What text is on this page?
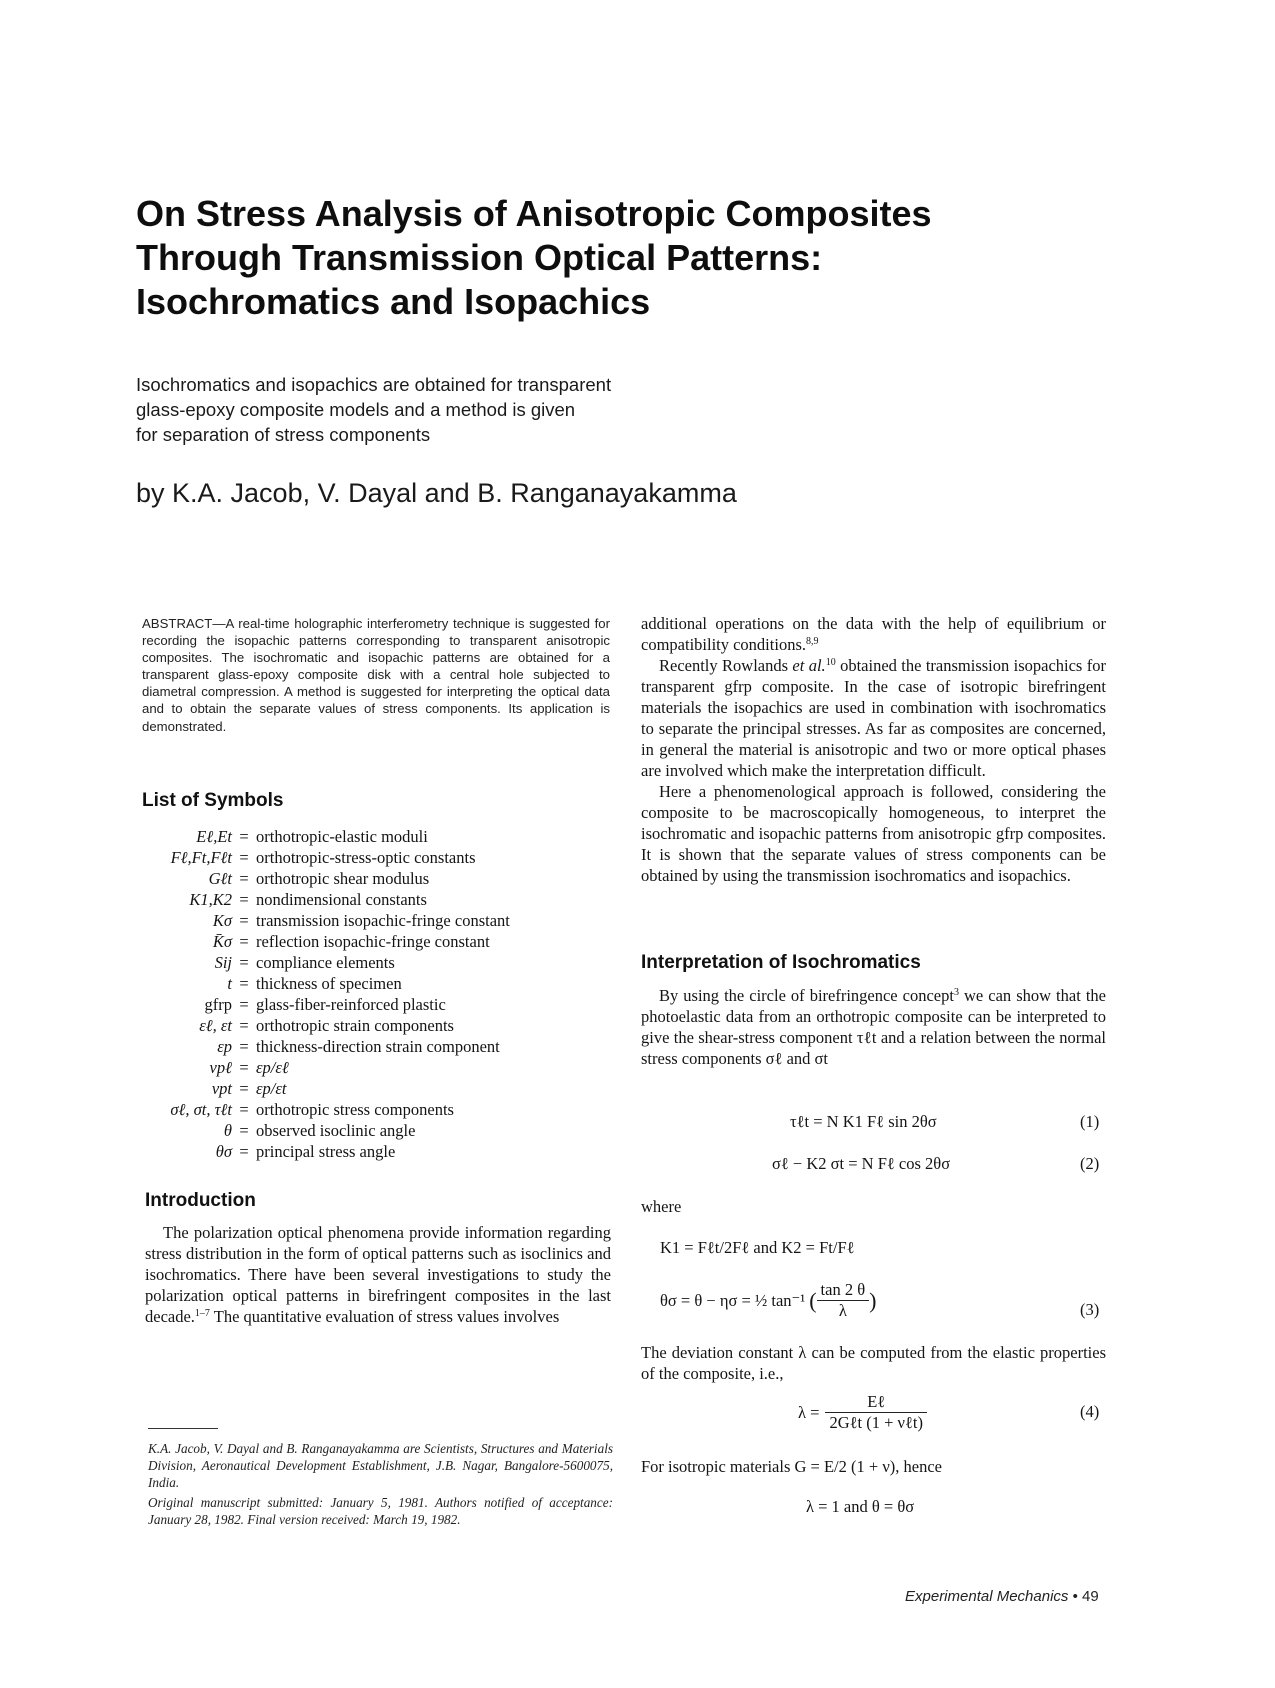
On Stress Analysis of Anisotropic Composites
Through Transmission Optical Patterns:
Isochromatics and Isopachics
Isochromatics and isopachics are obtained for transparent
glass-epoxy composite models and a method is given
for separation of stress components
by K.A. Jacob, V. Dayal and B. Ranganayakamma
ABSTRACT—A real-time holographic interferometry technique is suggested for recording the isopachic patterns corresponding to transparent anisotropic composites. The isochromatic and isopachic patterns are obtained for a transparent glass-epoxy composite disk with a central hole subjected to diametral compression. A method is suggested for interpreting the optical data and to obtain the separate values of stress components. Its application is demonstrated.
List of Symbols
Eℓ,Et = orthotropic-elastic moduli
Fℓ,Ft,Fℓt = orthotropic-stress-optic constants
Gℓt = orthotropic shear modulus
K1,K2 = nondimensional constants
Kσ = transmission isopachic-fringe constant
K̄σ = reflection isopachic-fringe constant
Sij = compliance elements
t = thickness of specimen
gfrp = glass-fiber-reinforced plastic
εℓ, εt = orthotropic strain components
εp = thickness-direction strain component
νpℓ = εp/εℓ
νpt = εp/εt
σℓ, σt, τℓt = orthotropic stress components
θ = observed isoclinic angle
θσ = principal stress angle
Introduction

The polarization optical phenomena provide information regarding stress distribution in the form of optical patterns such as isoclinics and isochromatics. There have been several investigations to study the polarization optical patterns in birefringent composites in the last decade.$^{1-7}$ The quantitative evaluation of stress values involves

K.A. Jacob, V. Dayal and B. Ranganayakamma are Scientists, Structures and Materials Division, Aeronautical Development Establishment, J.B. Nagar, Bangalore-5600075, India.
Original manuscript submitted: January 5, 1981. Authors notified of acceptance: January 28, 1982. Final version received: March 19, 1982.

additional operations on the data with the help of equilibrium or compatibility conditions.$^{8,9}$

Recently Rowlands et al.$^{10}$ obtained the transmission isopachics for transparent gfrp composite. In the case of isotropic birefringent materials the isopachics are used in combination with isochromatics to separate the principal stresses. As far as composites are concerned, in general the material is anisotropic and two or more optical phases are involved which make the interpretation difficult.

Here a phenomenological approach is followed, considering the composite to be macroscopically homogeneous, to interpret the isochromatic and isopachic patterns from anisotropic gfrp composites. It is shown that the separate values of stress components can be obtained by using the transmission isochromatics and isopachics.

Interpretation of Isochromatics

By using the circle of birefringence concept$^3$ we can show that the photoelastic data from an orthotropic composite can be interpreted to give the shear-stress component τℓt and a relation between the normal stress components σℓ and σt

τℓt = N K1 Fℓ sin 2θσ	(1)
σℓ − K2 σt = N Fℓ cos 2θσ	(2)
where
K1 = Fℓt/2Fℓ and K2 = Ft/Fℓ
θσ = θ − ησ = ½ tan⁻¹ ( $\frac{\tan 2 \theta}{\lambda}$ )	(3)
The deviation constant λ can be computed from the elastic properties of the composite, i.e.,
$\lambda = \frac{\text{Eℓ}}{\text{2Gℓt (1 + νℓt)}}$	(4)
For isotropic materials G = E/2 (1 + ν), hence
λ = 1 and θ = θσ
Experimental Mechanics • 49
